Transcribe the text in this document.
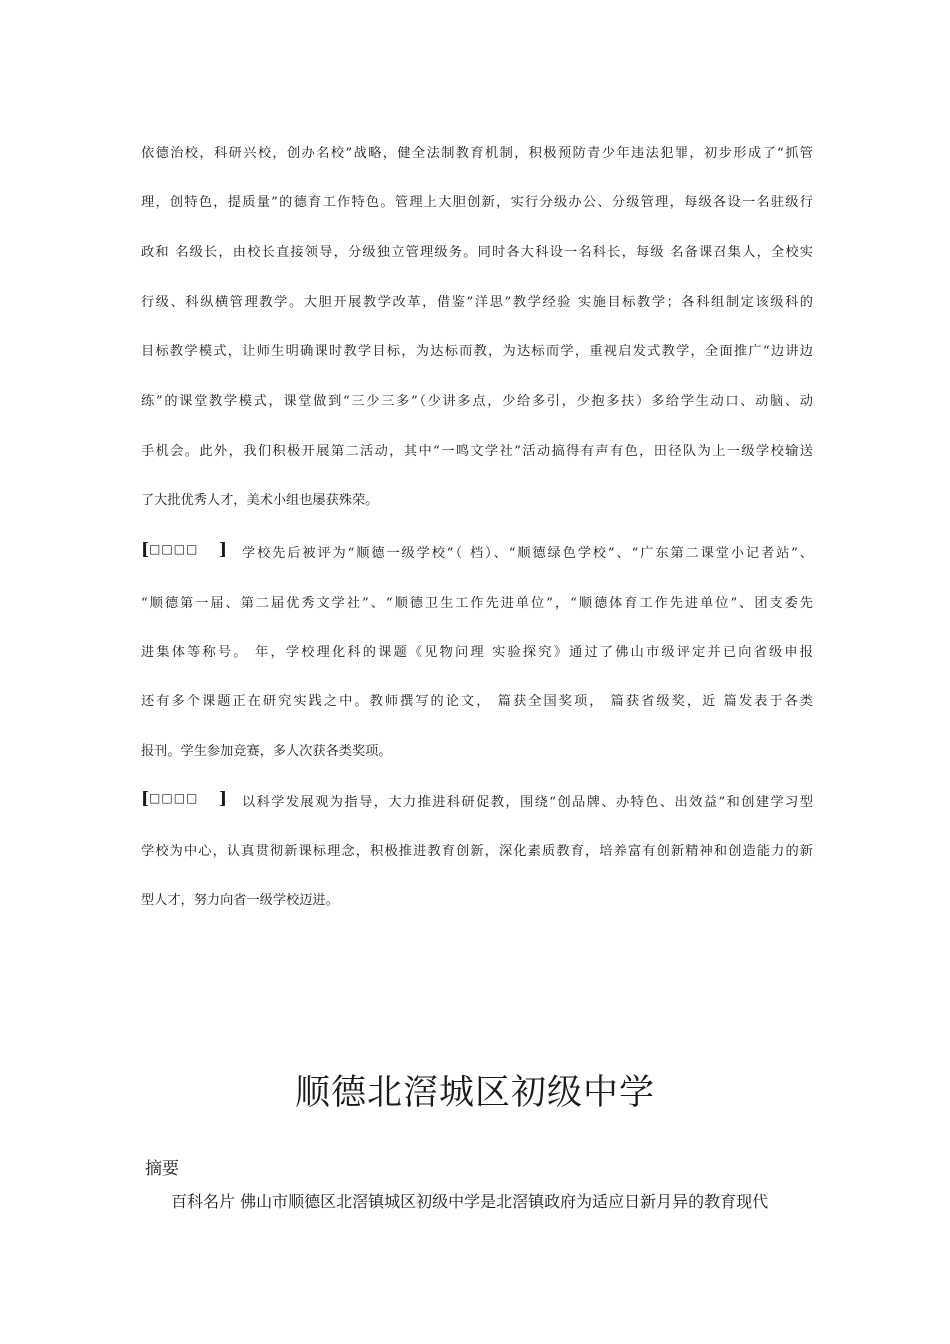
依德治校，科研兴校，创办名校”战略，健全法制教育机制，积极预防青少年违法犯罪，初步形成了“抓管
理，创特色，提质量”的德育工作特色。管理上大胆创新，实行分级办公、分级管理，每级各设一名驻级行
政和 名级长，由校长直接领导，分级独立管理级务。同时各大科设一名科长，每级 名备课召集人，全校实
行级、科纵横管理教学。大胆开展教学改革，借鉴”洋思”教学经验 实施目标教学；各科组制定该级科的
目标教学模式，让师生明确课时教学目标，为达标而教，为达标而学，重视启发式教学，全面推广“边讲边
练”的课堂教学模式，课堂做到“三少三多”（少讲多点，少给多引，少抱多扶）多给学生动口、动脑、动
手机会。此外，我们积极开展第二活动，其中“一鸣文学社”活动搞得有声有色，田径队为上一级学校输送
了大批优秀人才，美术小组也屡获殊荣。
[□□□□ ] 学校先后被评为“顺德一级学校”（ 档）、“顺德绿色学校”、“广东第二课堂小记者站”、
“顺德第一届、第二届优秀文学社”、“顺德卫生工作先进单位”，“顺德体育工作先进单位”、团支委先
进集体等称号。 年，学校理化科的课题《见物问理 实验探究》通过了佛山市级评定并已向省级申报
还有多个课题正在研究实践之中。教师撰写的论文， 篇获全国奖项， 篇获省级奖，近 篇发表于各类
报刊。学生参加竞赛，多人次获各类奖项。
[□□□□ ] 以科学发展观为指导，大力推进科研促教，围绕“创品牌、办特色、出效益”和创建学习型
学校为中心，认真贯彻新课标理念，积极推进教育创新，深化素质教育，培养富有创新精神和创造能力的新
型人才，努力向省一级学校迈进。
顺德北滘城区初级中学
摘要
百科名片 佛山市顺德区北滘镇城区初级中学是北滘镇政府为适应日新月异的教育现代
